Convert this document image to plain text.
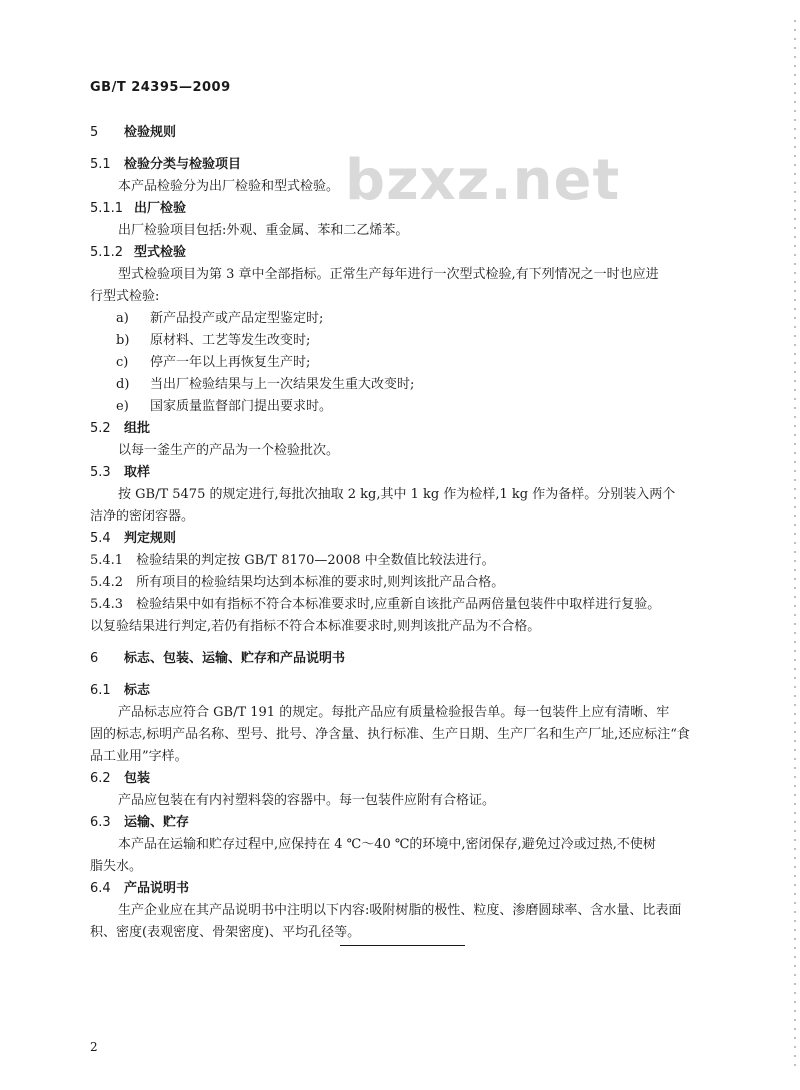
GB/T 24395—2009
bzxz.net
5 检验规则
5.1 检验分类与检验项目
本产品检验分为出厂检验和型式检验。
5.1.1 出厂检验
出厂检验项目包括:外观、重金属、苯和二乙烯苯。
5.1.2 型式检验
型式检验项目为第 3 章中全部指标。正常生产每年进行一次型式检验,有下列情况之一时也应进
行型式检验:
a) 新产品投产或产品定型鉴定时;
b) 原材料、工艺等发生改变时;
c) 停产一年以上再恢复生产时;
d) 当出厂检验结果与上一次结果发生重大改变时;
e) 国家质量监督部门提出要求时。
5.2 组批
以每一釜生产的产品为一个检验批次。
5.3 取样
按 GB/T 5475 的规定进行,每批次抽取 2 kg,其中 1 kg 作为检样,1 kg 作为备样。分别装入两个
洁净的密闭容器。
5.4 判定规则
5.4.1　检验结果的判定按 GB/T 8170—2008 中全数值比较法进行。
5.4.2　所有项目的检验结果均达到本标准的要求时,则判该批产品合格。
5.4.3　检验结果中如有指标不符合本标准要求时,应重新自该批产品两倍量包装件中取样进行复验。
以复验结果进行判定,若仍有指标不符合本标准要求时,则判该批产品为不合格。
6 标志、包装、运输、贮存和产品说明书
6.1 标志
产品标志应符合 GB/T 191 的规定。每批产品应有质量检验报告单。每一包装件上应有清晰、牢
固的标志,标明产品名称、型号、批号、净含量、执行标准、生产日期、生产厂名和生产厂址,还应标注“食
品工业用”字样。
6.2 包装
产品应包装在有内衬塑料袋的容器中。每一包装件应附有合格证。
6.3 运输、贮存
本产品在运输和贮存过程中,应保持在 4 ℃～40 ℃的环境中,密闭保存,避免过冷或过热,不使树
脂失水。
6.4 产品说明书
生产企业应在其产品说明书中注明以下内容:吸附树脂的极性、粒度、渗磨圆球率、含水量、比表面
积、密度(表观密度、骨架密度)、平均孔径等。
2
